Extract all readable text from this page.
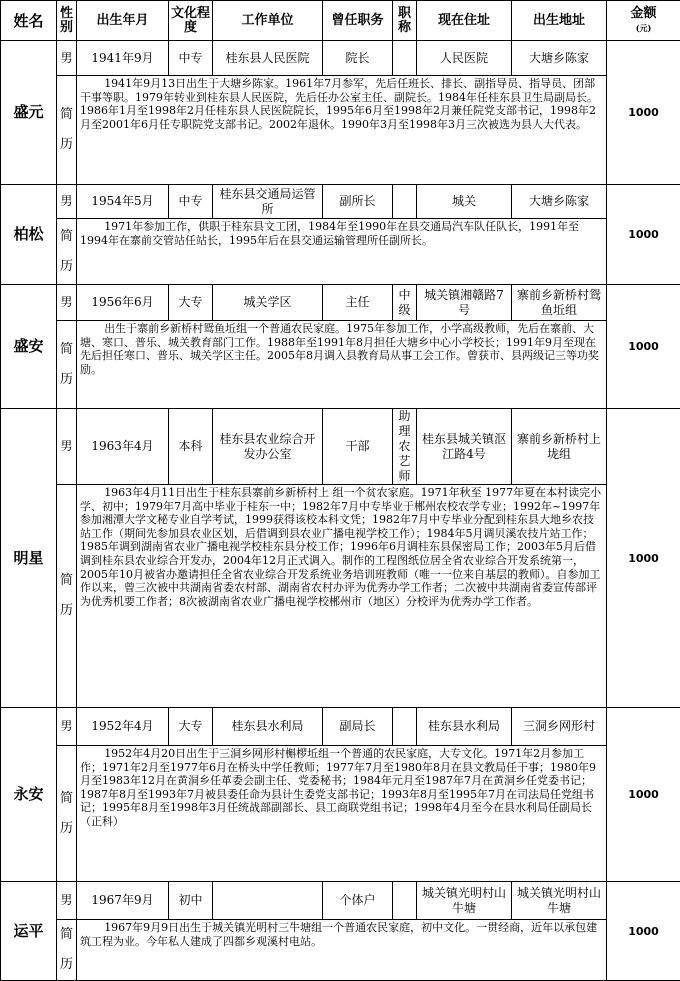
姓名	性别	出生年月	文化程度	工作单位	曾任职务	职称	现在住址	出生地址	金额
(元)
盛元	男	1941年9月	中专	桂东县人民医院	院长		人民医院	大塘乡陈家	1000
	简历	1941年9月13日出生于大塘乡陈家。1961年7月参军，先后任班长、排长、副指导员、指导员、团部干事等职。1979年转业到桂东县人民医院，先后任办公室主任、副院长。1984年任桂东县卫生局副局长。1986年1月至1998年2月任桂东县人民医院院长，1995年6月至1998年2月兼任院党支部书记，1998年2月至2001年6月任专职院党支部书记。2002年退休。1990年3月至1998年3月三次被选为县人大代表。							
柏松	男	1954年5月	中专	桂东县交通局运管所	副所长		城关	大塘乡陈家	1000
	简历	1971年参加工作，供职于桂东县文工团，1984年至1990年在县交通局汽车队任队长，1991年至1994年在寨前交管站任站长，1995年后在县交通运输管理所任副所长。							
盛安	男	1956年6月	大专	城关学区	主任	中级	城关镇湘赣路7号	寨前乡新桥村鸳鱼坵组	1000
	简历	出生于寨前乡新桥村鸳鱼坵组一个普通农民家庭。1975年参加工作，小学高级教师，先后在寨前、大塘、寒口、普乐、城关教育部门工作。1988年至1991年8月担任大塘乡中心小学校长；1991年9月至现在先后担任寒口、普乐、城关学区主任。2005年8月调入县教育局从事工会工作。曾获市、县两级记三等功奖励。							
明星	男	1963年4月	本科	桂东县农业综合开发办公室	干部	助理农艺师	桂东县城关镇沤江路4号	寨前乡新桥村上垅组	1000
	简历	1963年4月11日出生于桂东县寨前乡新桥村上 组一个贫农家庭。1971年秋至 1977年夏在本村读完小学、初中；1979年7月高中毕业于桂东一中；1982年7月中专毕业于郴州农校农学专业；1992年~1997年参加湘潭大学文秘专业自学考试，1999获得该校本科文凭；1982年7月中专毕业分配到桂东县大地乡农技站工作（期间先参加县农业区划，后借调到县农业广播电视学校工作）；1984年5月调贝溪农技片站工作；1985年调到湖南省农业广播电视学校桂东县分校工作；1996年6月调桂东县保密局工作；2003年5月后借调到桂东县农业综合开发办，2004年12月正式调入。制作的工程图纸位居全省农业综合开发系统第一，2005年10月被省办邀请担任全省农业综合开发系统业务培训班教师（唯一一位来自基层的教师）。自参加工作以来，曾三次被中共湖南省委农村部、湖南省农村办评为优秀办学工作者；二次被中共湖南省委宣传部评为优秀机要工作者；8次被湖南省农业广播电视学校郴州市（地区）分校评为优秀办学工作者。							
永安	男	1952年4月	大专	桂东县水利局	副局长		桂东县水利局	三洞乡网形村	1000
	简历	1952年4月20日出生于三洞乡网形村槲椤坵组一个普通的农民家庭，大专文化。1971年2月参加工作；1971年2月至1977年6月在桥头中学任教师；1977年7月至1980年8月在县文教局任干事；1980年9月至1983年12月在黄洞乡任革委会副主任、党委秘书；1984年元月至1987年7月在黄洞乡任党委书记；1987年8月至1993年7月被县委任命为县计生委党支部书记；1993年8月至1995年7月在司法局任党组书记；1995年8月至1998年3月任统战部副部长、县工商联党组书记；1998年4月至今在县水利局任副局长（正科）							
运平	男	1967年9月	初中		个体户		城关镇光明村山牛塘	城关镇光明村山牛塘	1000
	简历	1967年9月9日出生于城关镇光明村三牛塘组一个普通农民家庭，初中文化。一贯经商，近年以承包建筑工程为业。今年私人建成了四都乡观溪村电站。							
